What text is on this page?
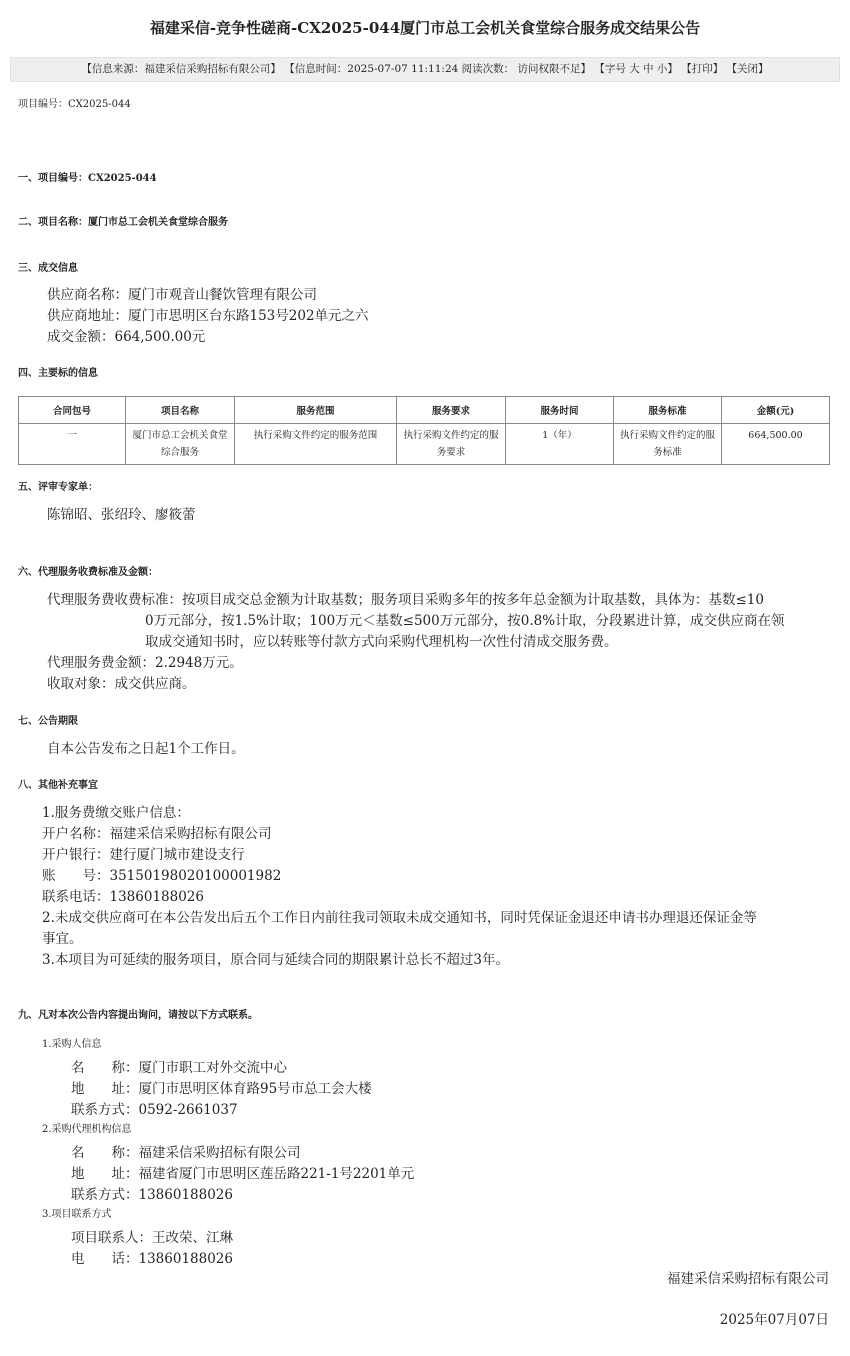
福建采信-竞争性磋商-CX2025-044厦门市总工会机关食堂综合服务成交结果公告
【信息来源：福建采信采购招标有限公司】 【信息时间：2025-07-07 11:11:24 阅读次数： 访问权限不足】 【字号 大 中 小】 【打印】 【关闭】
项目编号：CX2025-044
一、项目编号：CX2025-044
二、项目名称：厦门市总工会机关食堂综合服务
三、成交信息
供应商名称：厦门市观音山餐饮管理有限公司
供应商地址：厦门市思明区台东路153号202单元之六
成交金额：664,500.00元
四、主要标的信息
合同包号	项目名称	服务范围	服务要求	服务时间	服务标准	金额(元)
一	厦门市总工会机关食堂综合服务	执行采购文件约定的服务范围	执行采购文件约定的服务要求	1（年）	执行采购文件约定的服务标准	664,500.00
五、评审专家单：
陈锦昭、张绍玲、廖筱蕾
六、代理服务收费标准及金额：
代理服务费收费标准：按项目成交总金额为计取基数；服务项目采购多年的按多年总金额为计取基数，具体为：基数≤10
0万元部分，按1.5%计取；100万元＜基数≤500万元部分，按0.8%计取，分段累进计算，成交供应商在领
取成交通知书时，应以转账等付款方式向采购代理机构一次性付清成交服务费。
代理服务费金额：2.2948万元。
收取对象：成交供应商。
七、公告期限
自本公告发布之日起1个工作日。
八、其他补充事宜
1.服务费缴交账户信息：
开户名称：福建采信采购招标有限公司
开户银行：建行厦门城市建设支行
账　　号：35150198020100001982
联系电话：13860188026
2.未成交供应商可在本公告发出后五个工作日内前往我司领取未成交通知书，同时凭保证金退还申请书办理退还保证金等
事宜。
3.本项目为可延续的服务项目，原合同与延续合同的期限累计总长不超过3年。
九、凡对本次公告内容提出询问，请按以下方式联系。
1.采购人信息
名　　称：厦门市职工对外交流中心
地　　址：厦门市思明区体育路95号市总工会大楼
联系方式：0592-2661037
2.采购代理机构信息
名　　称：福建采信采购招标有限公司
地　　址：福建省厦门市思明区莲岳路221-1号2201单元
联系方式：13860188026
3.项目联系方式
项目联系人：王改荣、江琳
电　　话：13860188026
福建采信采购招标有限公司
2025年07月07日
